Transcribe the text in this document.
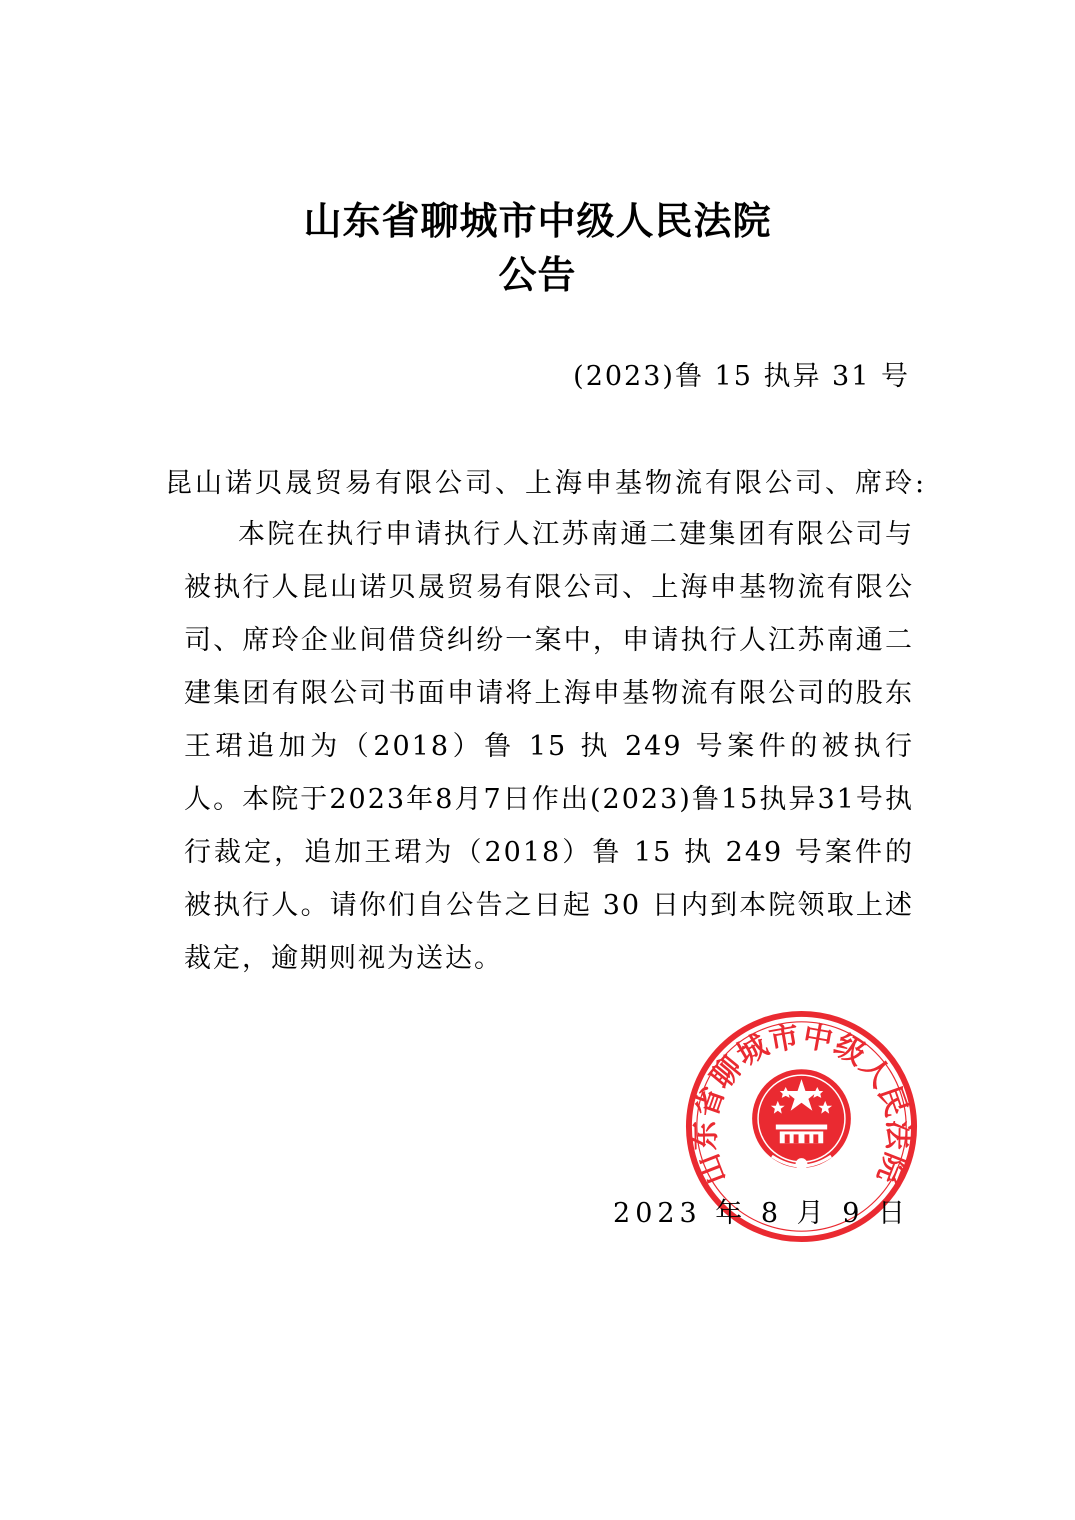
山东省聊城市中级人民法院
公告
(2023)鲁 15 执异 31 号
昆山诺贝晟贸易有限公司、上海申基物流有限公司、席玲:
本院在执行申请执行人江苏南通二建集团有限公司与被执行人昆山诺贝晟贸易有限公司、上海申基物流有限公司、席玲企业间借贷纠纷一案中，申请执行人江苏南通二建集团有限公司书面申请将上海申基物流有限公司的股东王珺追加为（2018）鲁 15 执 249 号案件的被执行人。本院于2023年8月7日作出(2023)鲁15执异31号执行裁定，追加王珺为（2018）鲁 15 执 249 号案件的被执行人。请你们自公告之日起 30 日内到本院领取上述裁定，逾期则视为送达。
山东省聊城市中级人民法院
2023 年 8 月 9 日
